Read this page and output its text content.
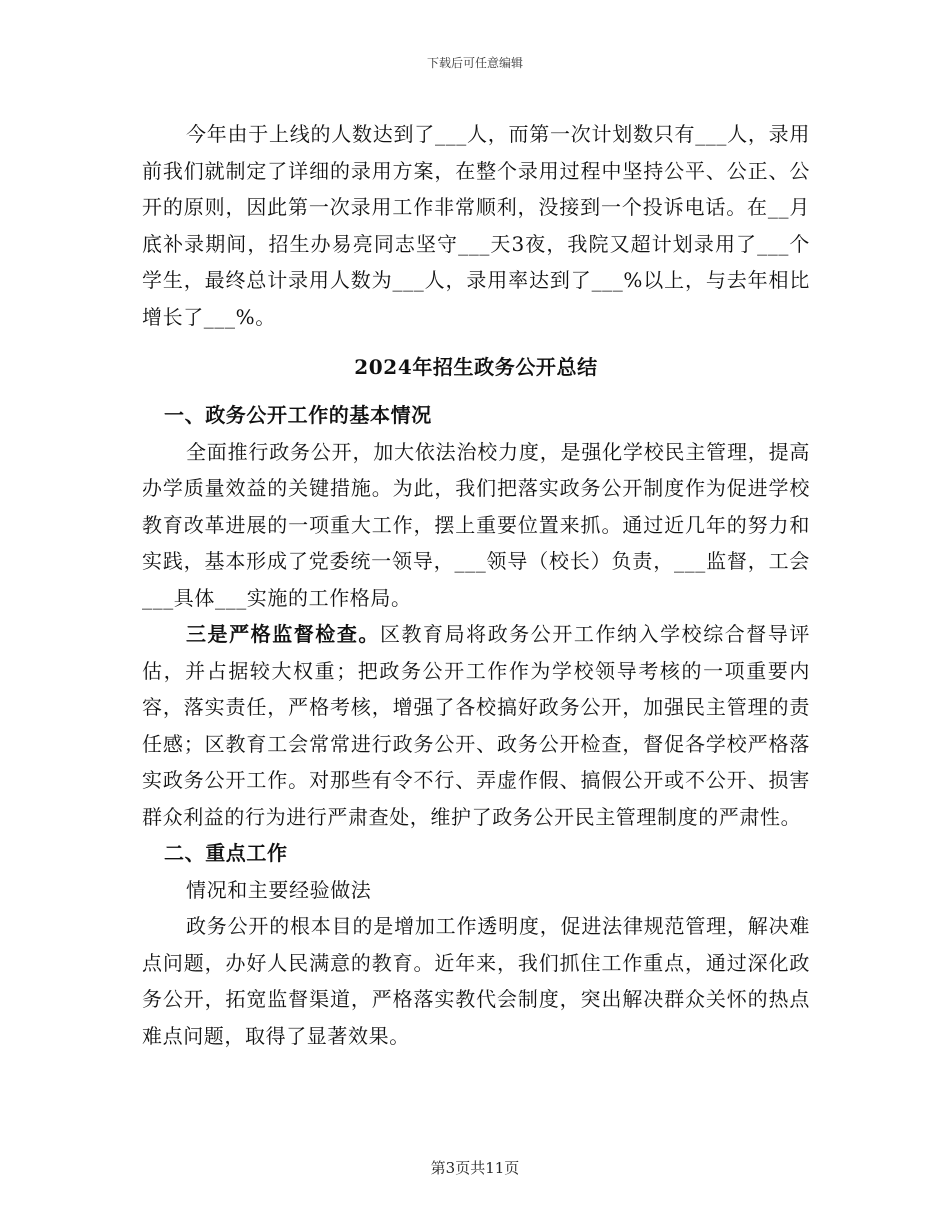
下载后可任意编辑

今年由于上线的人数达到了___人，而第一次计划数只有___人，录用前我们就制定了详细的录用方案，在整个录用过程中坚持公平、公正、公开的原则，因此第一次录用工作非常顺利，没接到一个投诉电话。在__月底补录期间，招生办易亮同志坚守___天3夜，我院又超计划录用了___个学生，最终总计录用人数为___人，录用率达到了___%以上，与去年相比增长了___%。

2024年招生政务公开总结

一、政务公开工作的基本情况

全面推行政务公开，加大依法治校力度，是强化学校民主管理，提高办学质量效益的关键措施。为此，我们把落实政务公开制度作为促进学校教育改革进展的一项重大工作，摆上重要位置来抓。通过近几年的努力和实践，基本形成了党委统一领导，___领导（校长）负责，___监督，工会___具体___实施的工作格局。

三是严格监督检查。区教育局将政务公开工作纳入学校综合督导评估，并占据较大权重；把政务公开工作作为学校领导考核的一项重要内容，落实责任，严格考核，增强了各校搞好政务公开，加强民主管理的责任感；区教育工会常常进行政务公开、政务公开检查，督促各学校严格落实政务公开工作。对那些有令不行、弄虚作假、搞假公开或不公开、损害群众利益的行为进行严肃查处，维护了政务公开民主管理制度的严肃性。

二、重点工作

情况和主要经验做法

政务公开的根本目的是增加工作透明度，促进法律规范管理，解决难点问题，办好人民满意的教育。近年来，我们抓住工作重点，通过深化政务公开，拓宽监督渠道，严格落实教代会制度，突出解决群众关怀的热点难点问题，取得了显著效果。

第3页共11页
